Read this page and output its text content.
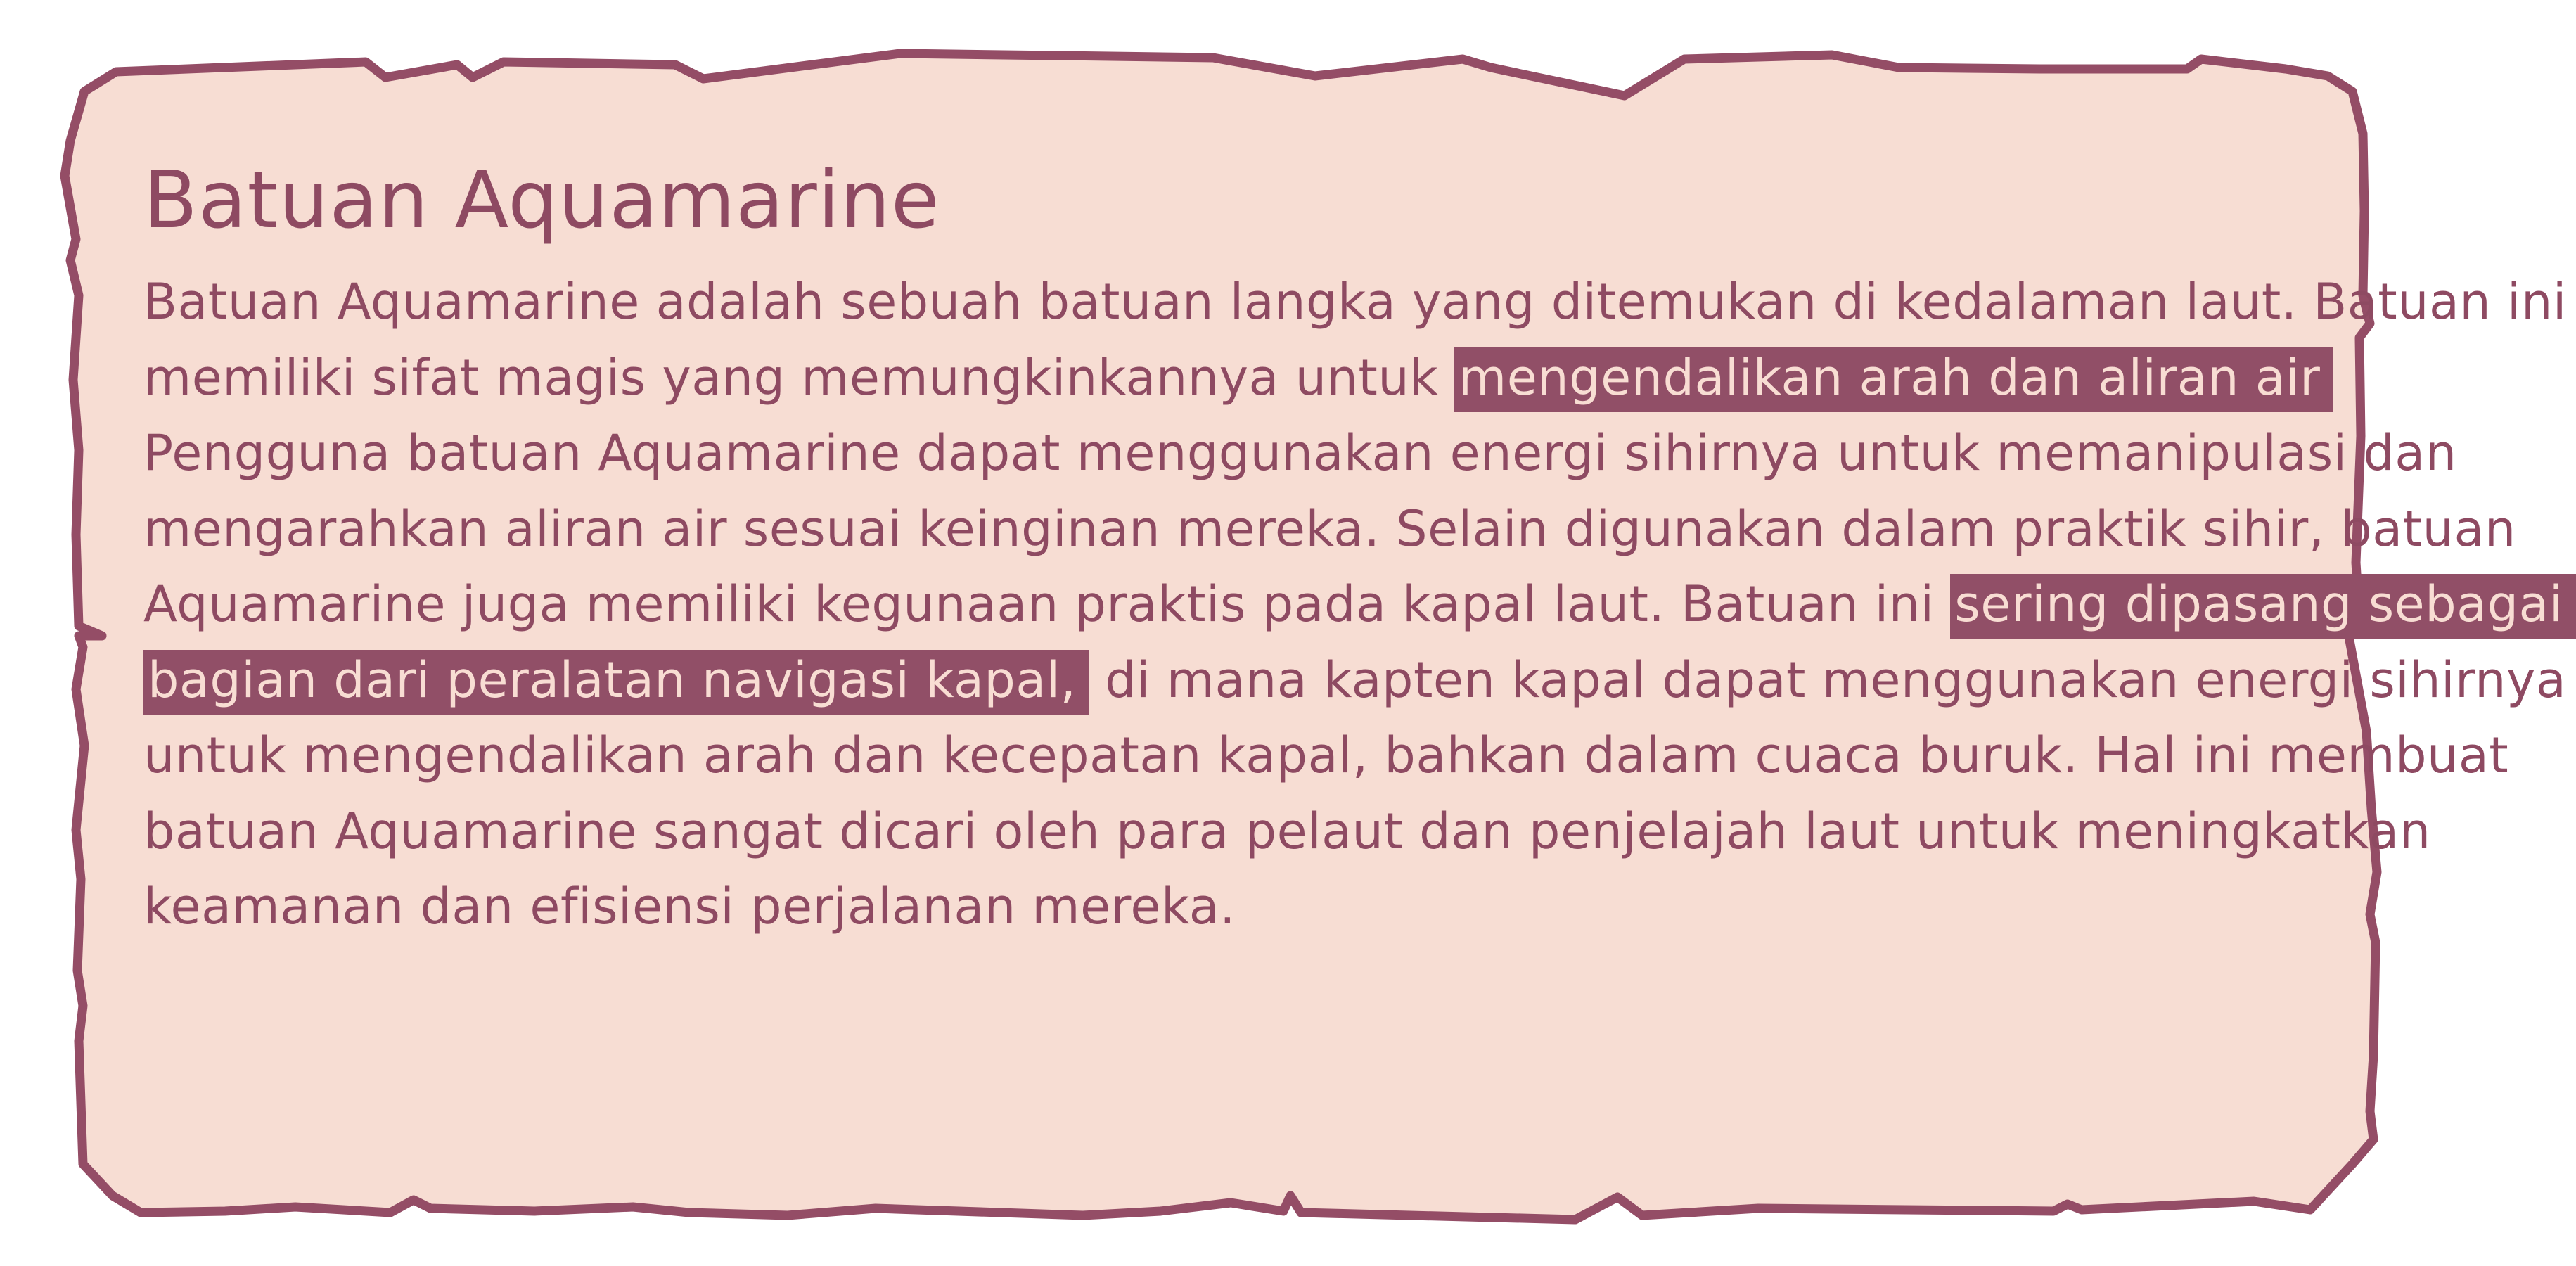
Batuan Aquamarine
Batuan Aquamarine adalah sebuah batuan langka yang ditemukan di kedalaman laut. Batuan ini
memiliki sifat magis yang memungkinkannya untuk mengendalikan arah dan aliran air
Pengguna batuan Aquamarine dapat menggunakan energi sihirnya untuk memanipulasi dan
mengarahkan aliran air sesuai keinginan mereka. Selain digunakan dalam praktik sihir, batuan
Aquamarine juga memiliki kegunaan praktis pada kapal laut. Batuan ini sering dipasang sebagai
bagian dari peralatan navigasi kapal, di mana kapten kapal dapat menggunakan energi sihirnya
untuk mengendalikan arah dan kecepatan kapal, bahkan dalam cuaca buruk. Hal ini membuat
batuan Aquamarine sangat dicari oleh para pelaut dan penjelajah laut untuk meningkatkan
keamanan dan efisiensi perjalanan mereka.
